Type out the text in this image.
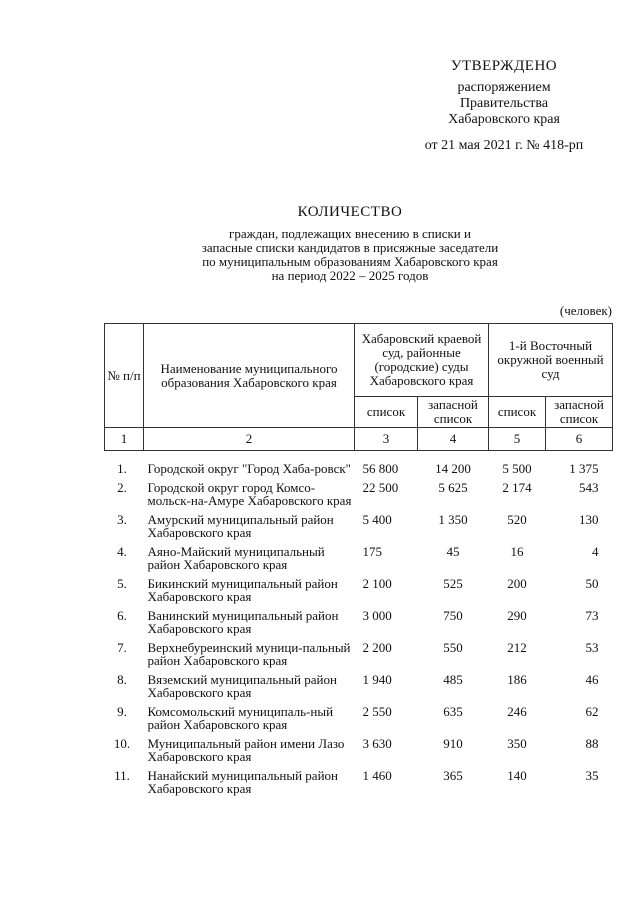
УТВЕРЖДЕНО
распоряжением
Правительства
Хабаровского края
от 21 мая 2021 г. № 418-рп
КОЛИЧЕСТВО
граждан, подлежащих внесению в списки и
запасные списки кандидатов в присяжные заседатели
по муниципальным образованиям Хабаровского края
на период 2022 – 2025 годов
(человек)
№ п/п	Наименование муниципального образования Хабаровского края	Хабаровский краевой суд, районные (городские) суды Хабаровского края		1-й Восточный окружной военный суд	
		список	запасной список	список	запасной список
1	2	3	4	5	6

1.	Городской округ "Город Хаба-ровск"	56 800	14 200	5 500	1 375
2.	Городской округ город Комсо-мольск-на-Амуре Хабаровского края	22 500	5 625	2 174	543
3.	Амурский муниципальный район Хабаровского края	5 400	1 350	520	130
4.	Аяно-Майский муниципальный район Хабаровского края	175	45	16	4
5.	Бикинский муниципальный район Хабаровского края	2 100	525	200	50
6.	Ванинский муниципальный район Хабаровского края	3 000	750	290	73
7.	Верхнебуреинский муници-пальный район Хабаровского края	2 200	550	212	53
8.	Вяземский муниципальный район Хабаровского края	1 940	485	186	46
9.	Комсомольский муниципаль-ный район Хабаровского края	2 550	635	246	62
10.	Муниципальный район имени Лазо Хабаровского края	3 630	910	350	88
11.	Нанайский муниципальный район Хабаровского края	1 460	365	140	35
